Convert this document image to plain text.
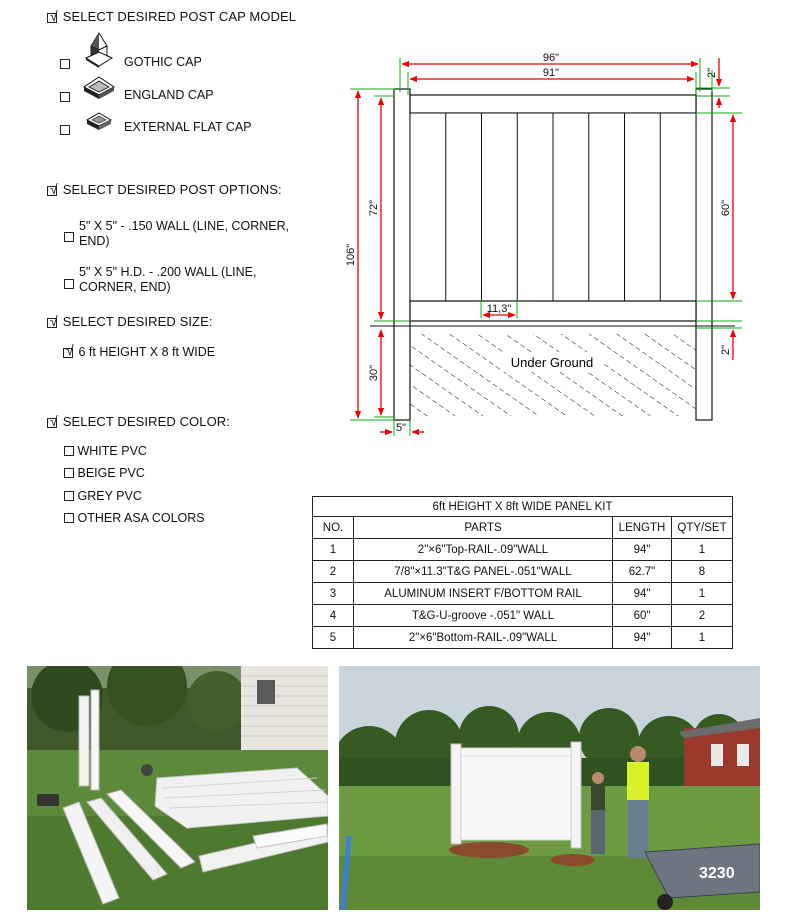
√ SELECT DESIRED POST CAP MODEL
GOTHIC CAP
ENGLAND CAP
EXTERNAL FLAT CAP
√ SELECT DESIRED POST OPTIONS:
5" X 5" - .150 WALL (LINE, CORNER,
END)
5" X 5" H.D. - .200 WALL (LINE,
CORNER, END)
√ SELECT DESIRED SIZE:
√ 6 ft HEIGHT X 8 ft WIDE
√ SELECT DESIRED COLOR:
WHITE PVC
BEIGE PVC
GREY PVC
OTHER ASA COLORS
Under Ground
96"
91"	2"
106"
72"	60"
30"
2"
5"
11,3"
6ft HEIGHT X 8ft WIDE PANEL KIT			
NO.	PARTS	LENGTH	QTY/SET
1	2"×6"Top-RAIL-.09"WALL	94"	1
2	7/8"×11.3"T&G PANEL-.051"WALL	62.7"	8
3	ALUMINUM INSERT F/BOTTOM RAIL	94"	1
4	T&G-U-groove -.051" WALL	60"	2
5	2"×6"Bottom-RAIL-.09"WALL	94"	1
3230
